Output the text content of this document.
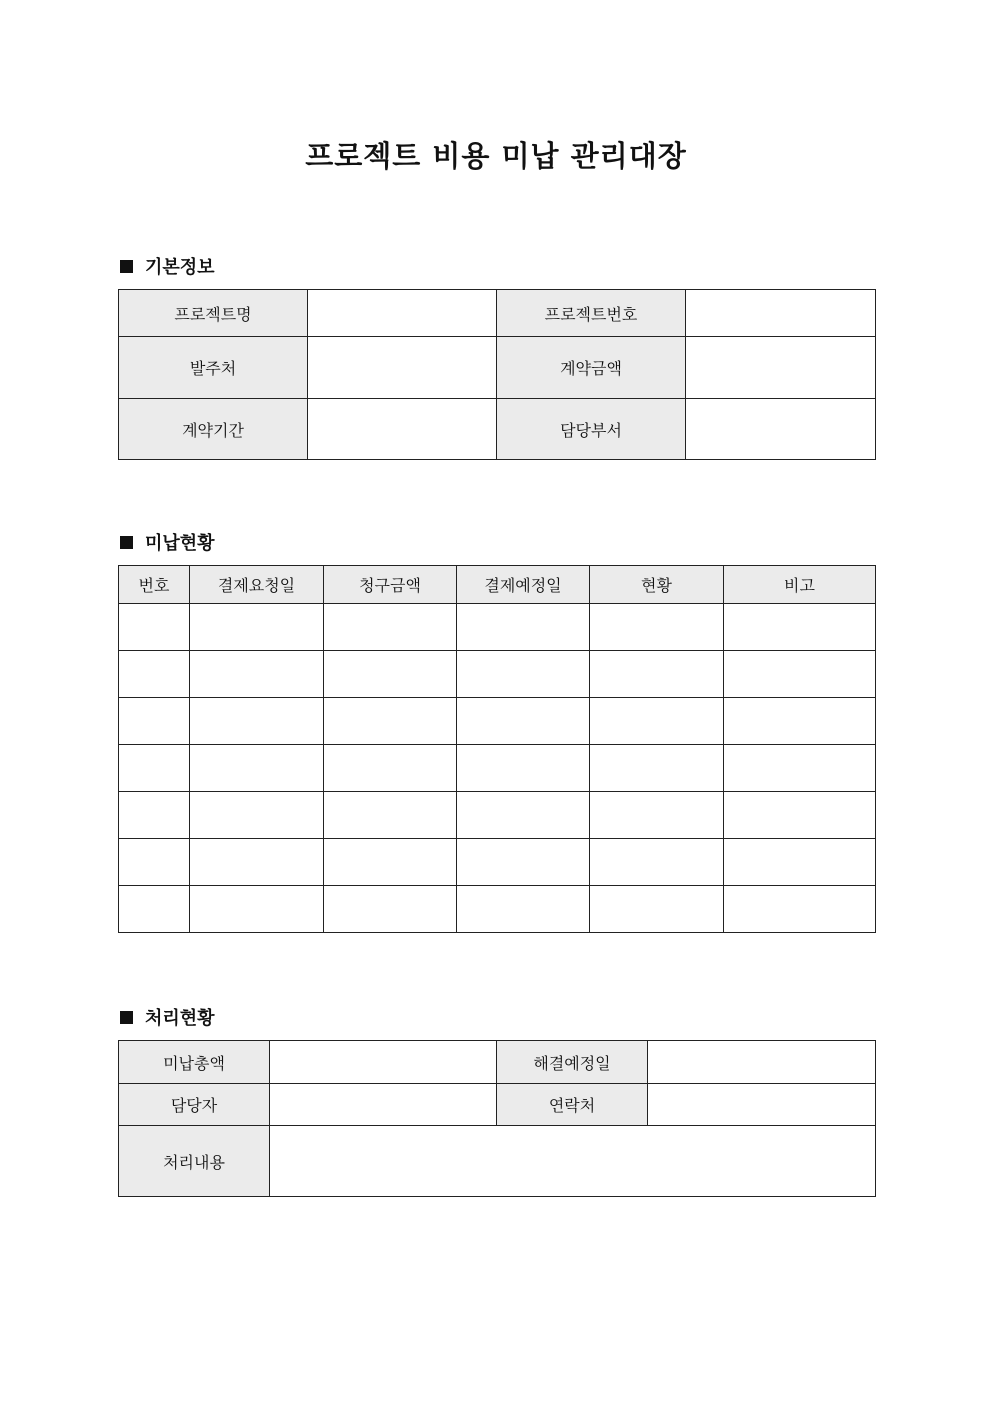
프로젝트 비용 미납 관리대장
기본정보
프로젝트명		프로젝트번호	
발주처		계약금액	
계약기간		담당부서	
미납현황
번호	결제요청일	청구금액	결제예정일	현황	비고

처리현황
미납총액		해결예정일	
담당자		연락처	
처리내용			
